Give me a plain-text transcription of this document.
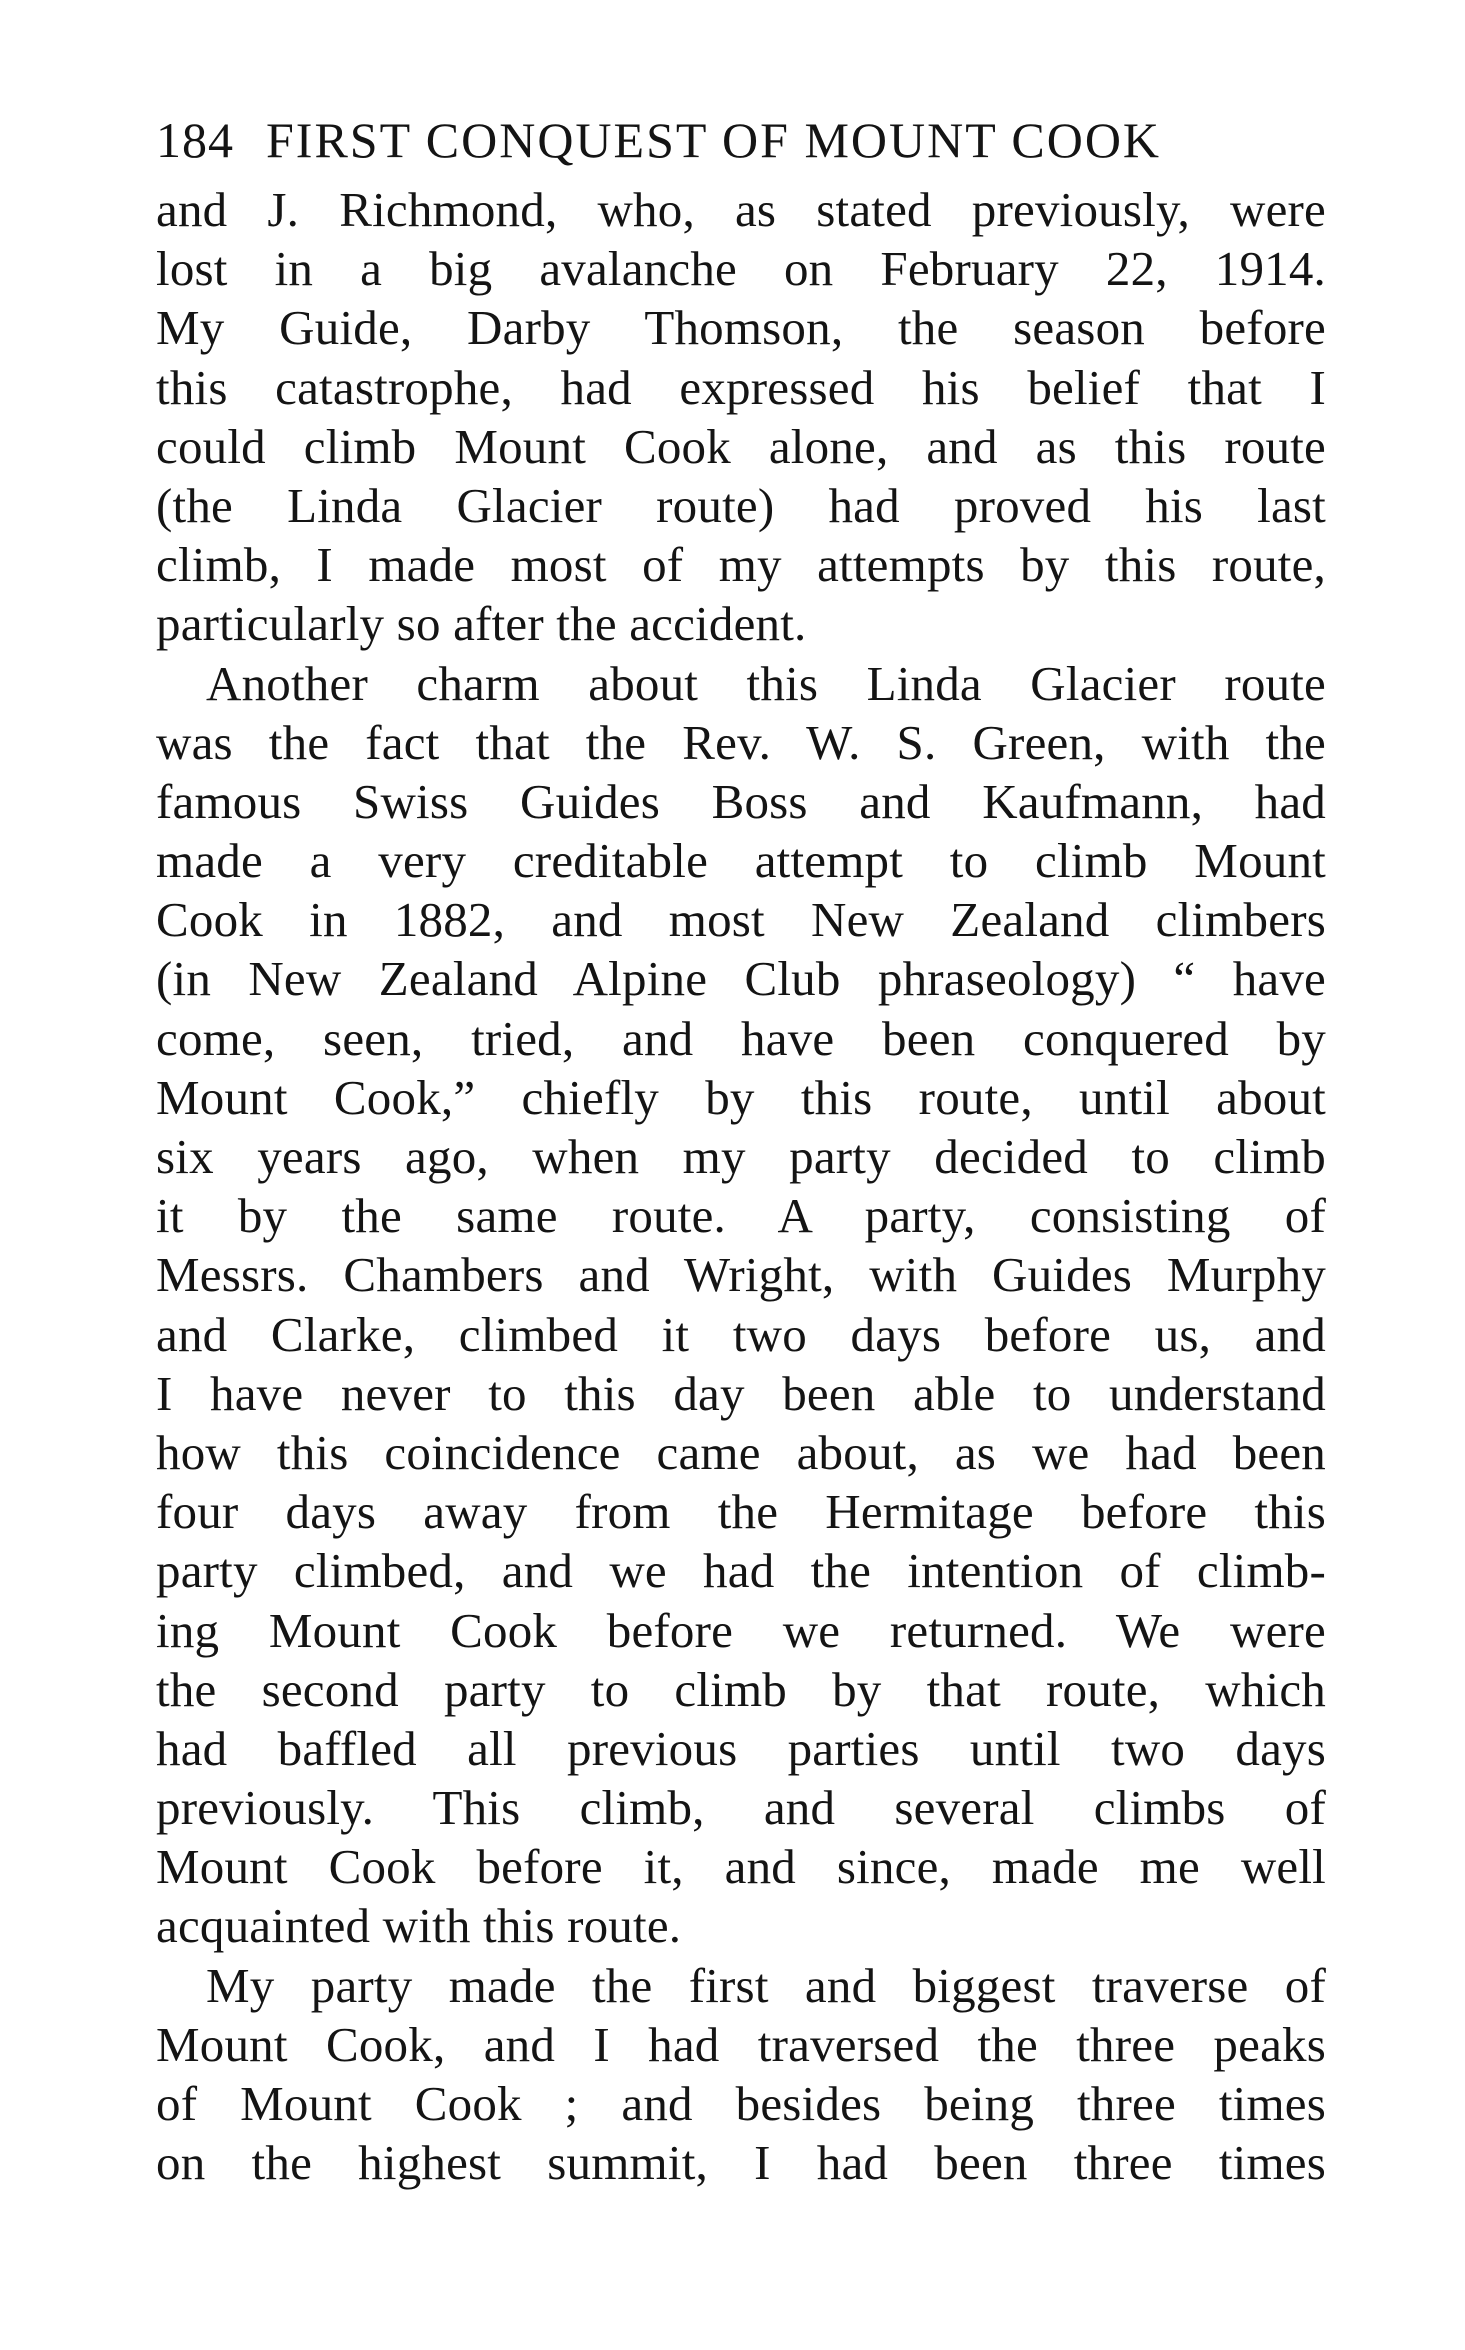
184 FIRST CONQUEST OF MOUNT COOK
and J. Richmond, who, as stated previously, were
lost in a big avalanche on February 22, 1914.
My Guide, Darby Thomson, the season before
this catastrophe, had expressed his belief that I
could climb Mount Cook alone, and as this route
(the Linda Glacier route) had proved his last
climb, I made most of my attempts by this route,
particularly so after the accident.
Another charm about this Linda Glacier route
was the fact that the Rev. W. S. Green, with the
famous Swiss Guides Boss and Kaufmann, had
made a very creditable attempt to climb Mount
Cook in 1882, and most New Zealand climbers
(in New Zealand Alpine Club phraseology) “ have
come, seen, tried, and have been conquered by
Mount Cook,” chiefly by this route, until about
six years ago, when my party decided to climb
it by the same route. A party, consisting of
Messrs. Chambers and Wright, with Guides Murphy
and Clarke, climbed it two days before us, and
I have never to this day been able to understand
how this coincidence came about, as we had been
four days away from the Hermitage before this
party climbed, and we had the intention of climb-
ing Mount Cook before we returned. We were
the second party to climb by that route, which
had baffled all previous parties until two days
previously. This climb, and several climbs of
Mount Cook before it, and since, made me well
acquainted with this route.
My party made the first and biggest traverse of
Mount Cook, and I had traversed the three peaks
of Mount Cook ; and besides being three times
on the highest summit, I had been three times
